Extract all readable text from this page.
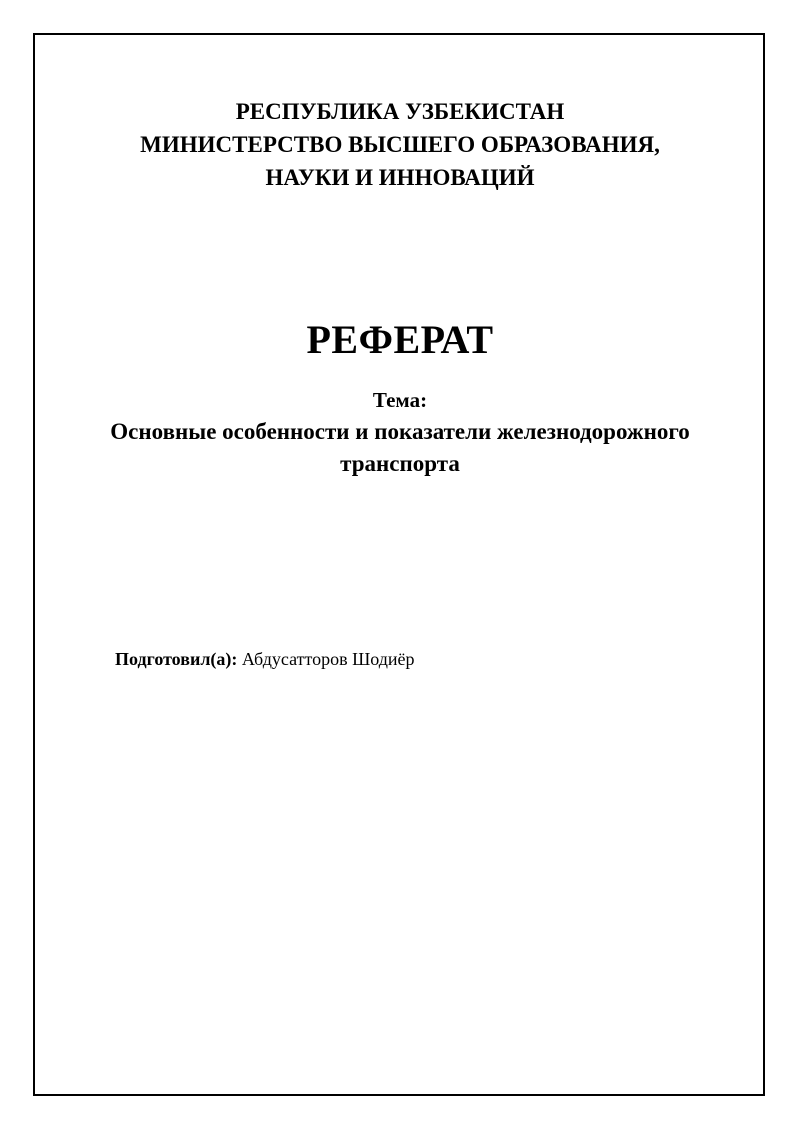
РЕСПУБЛИКА УЗБЕКИСТАН
МИНИСТЕРСТВО ВЫСШЕГО ОБРАЗОВАНИЯ,
НАУКИ И ИННОВАЦИЙ
РЕФЕРАТ
Тема:
Основные особенности и показатели железнодорожного транспорта
Подготовил(а): Абдусатторов Шодиёр
